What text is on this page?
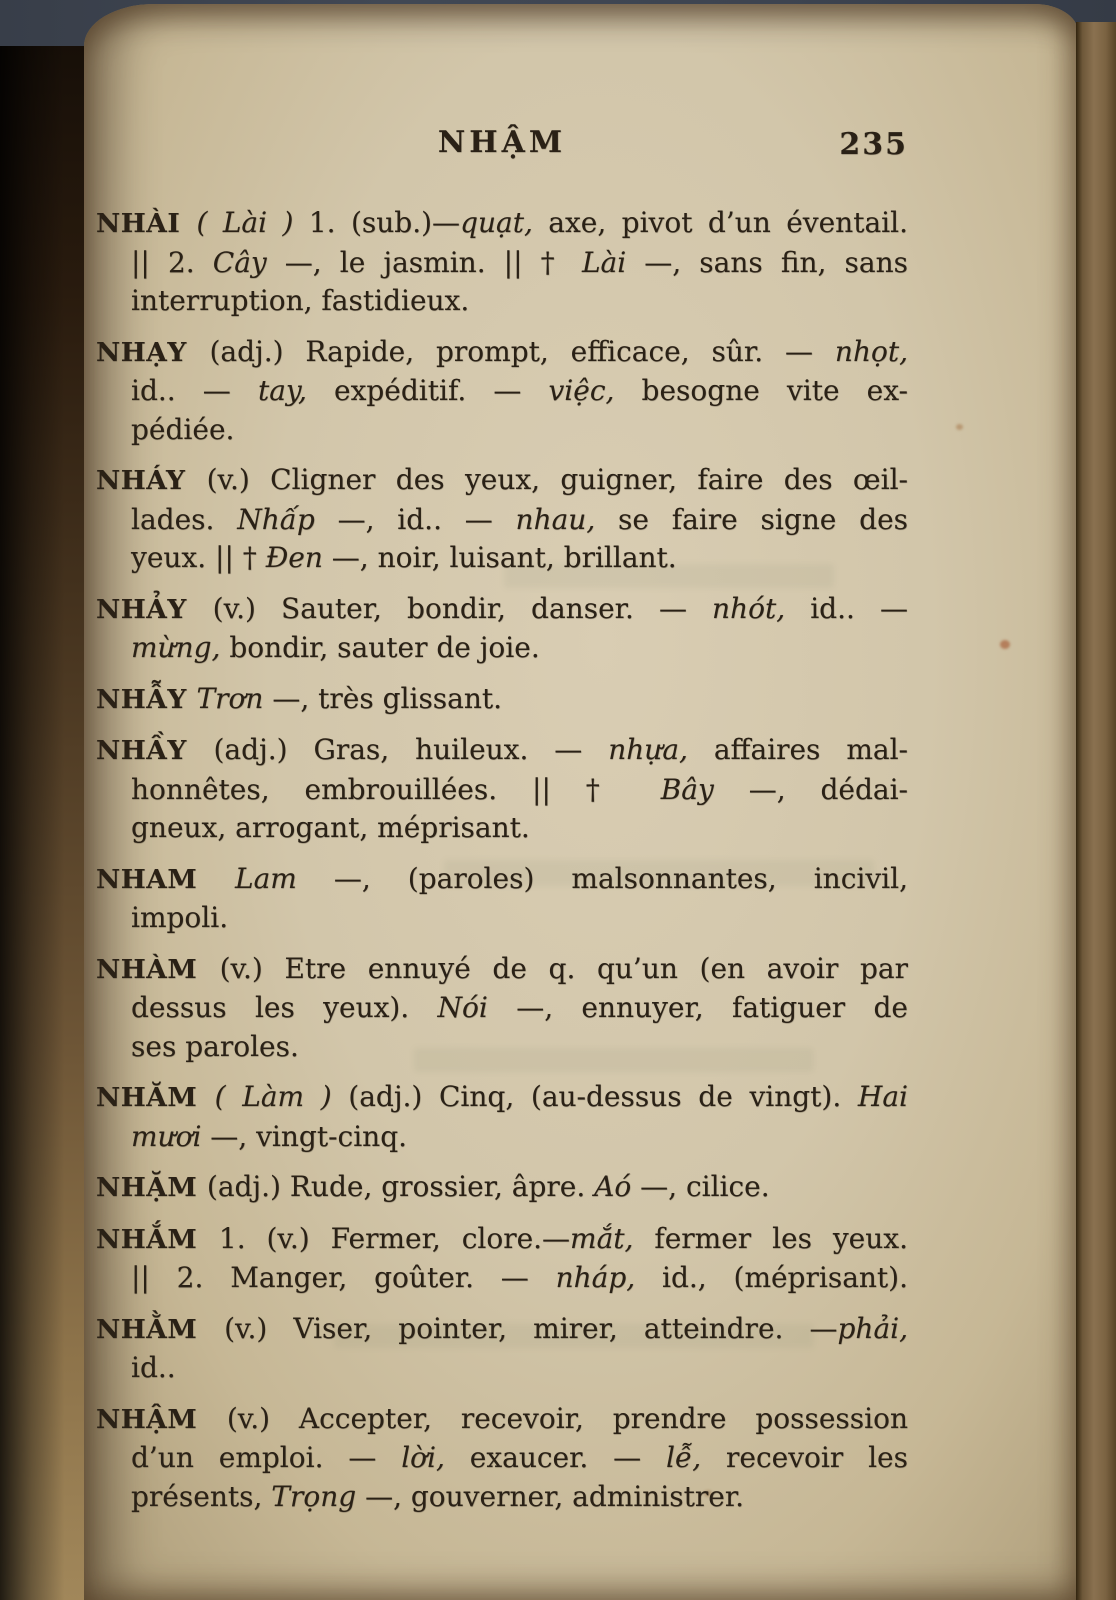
NHẬM	235
NHÀI ( Lài ) 1. (sub.)—quạt, axe, pivot d’un éventail.
|| 2. Cây —, le jasmin. || † Lài —, sans fin, sans
interruption, fastidieux.
NHẠY (adj.) Rapide, prompt, efficace, sûr. — nhọt,
id.. — tay, expéditif. — việc, besogne vite ex-
pédiée.
NHÁY (v.) Cligner des yeux, guigner, faire des œil-
lades. Nhấp —, id.. — nhau, se faire signe des
yeux. || † Đen —, noir, luisant, brillant.
NHẢY (v.) Sauter, bondir, danser. — nhót, id.. —
mừng, bondir, sauter de joie.
NHẪY Trơn —, très glissant.
NHẦY (adj.) Gras, huileux. — nhựa, affaires mal-
honnêtes, embrouillées. || † Bây —, dédai-
gneux, arrogant, méprisant.
NHAM Lam —, (paroles) malsonnantes, incivil,
impoli.
NHÀM (v.) Etre ennuyé de q. qu’un (en avoir par
dessus les yeux). Nói —, ennuyer, fatiguer de
ses paroles.
NHĂM ( Làm ) (adj.) Cinq, (au-dessus de vingt). Hai
mươi —, vingt-cinq.
NHẶM (adj.) Rude, grossier, âpre. Aó —, cilice.
NHẮM 1. (v.) Fermer, clore.—mắt, fermer les yeux.
|| 2. Manger, goûter. — nháp, id., (méprisant).
NHẰM (v.) Viser, pointer, mirer, atteindre. —phải,
id..
NHẬM (v.) Accepter, recevoir, prendre possession
d’un emploi. — lời, exaucer. — lễ, recevoir les
présents, Trọng —, gouverner, administrer.
